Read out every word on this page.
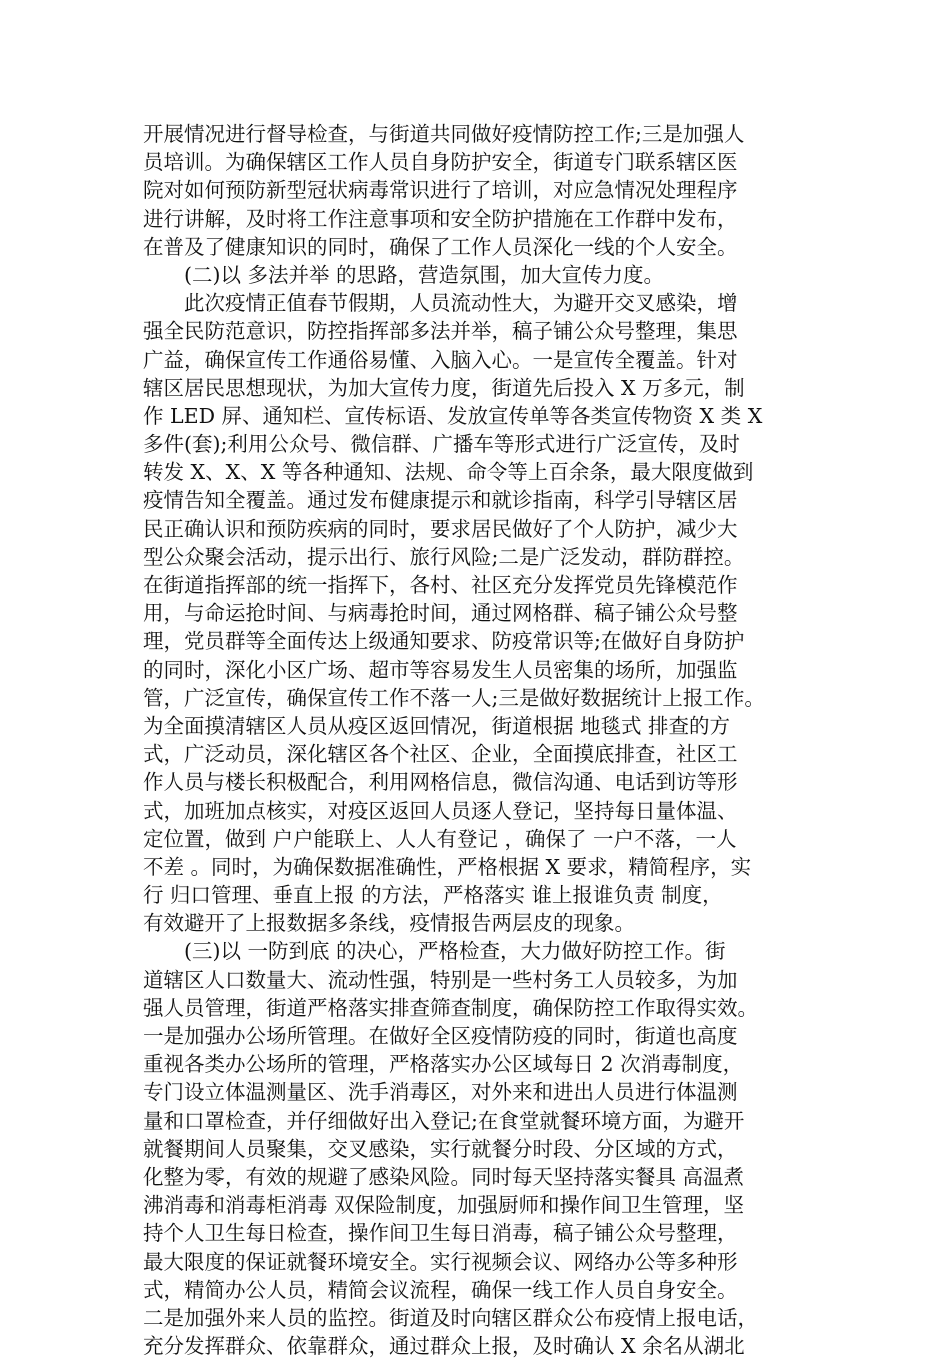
开展情况进行督导检查，与街道共同做好疫情防控工作;三是加强人
员培训。为确保辖区工作人员自身防护安全，街道专门联系辖区医
院对如何预防新型冠状病毒常识进行了培训，对应急情况处理程序
进行讲解，及时将工作注意事项和安全防护措施在工作群中发布，
在普及了健康知识的同时，确保了工作人员深化一线的个人安全。
(二)以 多法并举 的思路，营造氛围，加大宣传力度。
此次疫情正值春节假期，人员流动性大，为避开交叉感染，增
强全民防范意识，防控指挥部多法并举，稿子铺公众号整理，集思
广益，确保宣传工作通俗易懂、入脑入心。一是宣传全覆盖。针对
辖区居民思想现状，为加大宣传力度，街道先后投入 X 万多元，制
作 LED 屏、通知栏、宣传标语、发放宣传单等各类宣传物资 X 类 X
多件(套);利用公众号、微信群、广播车等形式进行广泛宣传，及时
转发 X、X、X 等各种通知、法规、命令等上百余条，最大限度做到
疫情告知全覆盖。通过发布健康提示和就诊指南，科学引导辖区居
民正确认识和预防疾病的同时，要求居民做好了个人防护，减少大
型公众聚会活动，提示出行、旅行风险;二是广泛发动，群防群控。
在街道指挥部的统一指挥下，各村、社区充分发挥党员先锋模范作
用，与命运抢时间、与病毒抢时间，通过网格群、稿子铺公众号整
理，党员群等全面传达上级通知要求、防疫常识等;在做好自身防护
的同时，深化小区广场、超市等容易发生人员密集的场所，加强监
管，广泛宣传，确保宣传工作不落一人;三是做好数据统计上报工作。
为全面摸清辖区人员从疫区返回情况，街道根据 地毯式 排查的方
式，广泛动员，深化辖区各个社区、企业，全面摸底排查，社区工
作人员与楼长积极配合，利用网格信息，微信沟通、电话到访等形
式，加班加点核实，对疫区返回人员逐人登记，坚持每日量体温、
定位置，做到 户户能联上、人人有登记 ，确保了 一户不落，一人
不差 。同时，为确保数据准确性，严格根据 X 要求，精简程序，实
行 归口管理、垂直上报 的方法，严格落实 谁上报谁负责 制度，
有效避开了上报数据多条线，疫情报告两层皮的现象。
(三)以 一防到底 的决心，严格检查，大力做好防控工作。街
道辖区人口数量大、流动性强，特别是一些村务工人员较多，为加
强人员管理，街道严格落实排查筛查制度，确保防控工作取得实效。
一是加强办公场所管理。在做好全区疫情防疫的同时，街道也高度
重视各类办公场所的管理，严格落实办公区域每日 2 次消毒制度，
专门设立体温测量区、洗手消毒区，对外来和进出人员进行体温测
量和口罩检查，并仔细做好出入登记;在食堂就餐环境方面，为避开
就餐期间人员聚集，交叉感染，实行就餐分时段、分区域的方式，
化整为零，有效的规避了感染风险。同时每天坚持落实餐具 高温煮
沸消毒和消毒柜消毒 双保险制度，加强厨师和操作间卫生管理，坚
持个人卫生每日检查，操作间卫生每日消毒，稿子铺公众号整理，
最大限度的保证就餐环境安全。实行视频会议、网络办公等多种形
式，精简办公人员，精简会议流程，确保一线工作人员自身安全。
二是加强外来人员的监控。街道及时向辖区群众公布疫情上报电话，
充分发挥群众、依靠群众，通过群众上报，及时确认 X 余名从湖北
